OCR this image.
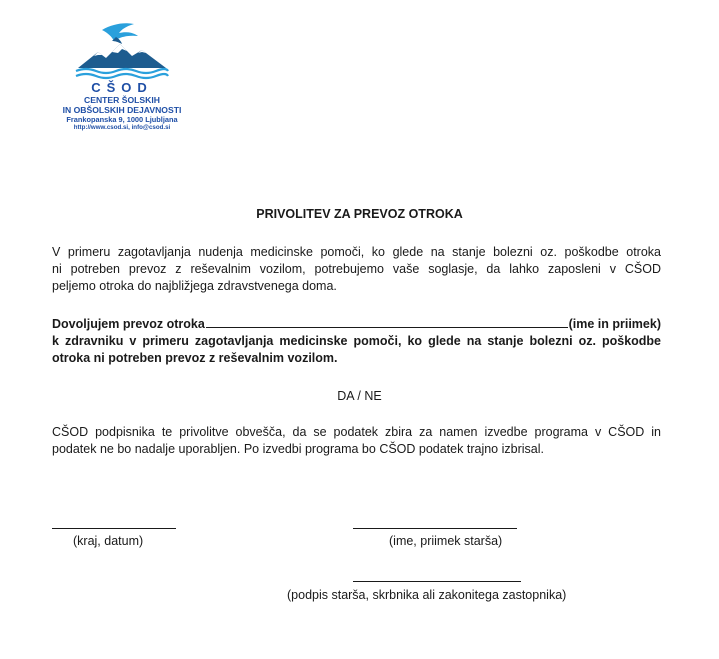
CŠOD
CENTER ŠOLSKIH
IN OBŠOLSKIH DEJAVNOSTI
Frankopanska 9, 1000 Ljubljana
http://www.csod.si, info@csod.si
PRIVOLITEV ZA PREVOZ OTROKA
V primeru zagotavljanja nudenja medicinske pomoči, ko glede na stanje bolezni oz. poškodbe otroka
ni potreben prevoz z reševalnim vozilom, potrebujemo vaše soglasje, da lahko zaposleni v CŠOD
peljemo otroka do najbližjega zdravstvenega doma.
Dovoljujem prevoz otroka	(ime in priimek)
k zdravniku v primeru zagotavljanja medicinske pomoči, ko glede na stanje bolezni oz. poškodbe
otroka ni potreben prevoz z reševalnim vozilom.
DA / NE
CŠOD podpisnika te privolitve obvešča, da se podatek zbira za namen izvedbe programa v CŠOD in
podatek ne bo nadalje uporabljen. Po izvedbi programa bo CŠOD podatek trajno izbrisal.
(kraj, datum)	(ime, priimek starša)
(podpis starša, skrbnika ali zakonitega zastopnika)
